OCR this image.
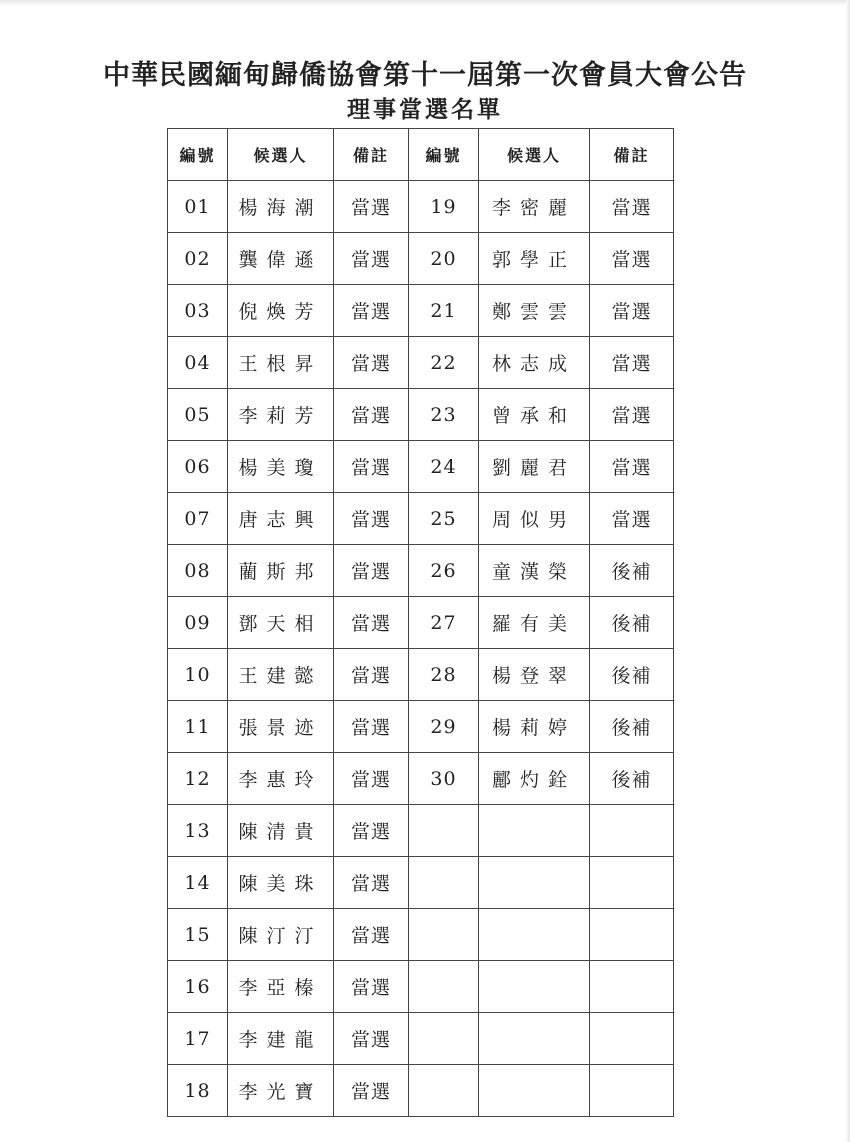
中華民國緬甸歸僑協會第十一屆第一次會員大會公告
理事當選名單
編號	候選人	備註	編號	候選人	備註
01	楊海潮	當選	19	李密麗	當選
02	龔偉遜	當選	20	郭學正	當選
03	倪煥芳	當選	21	鄭雲雲	當選
04	王根昇	當選	22	林志成	當選
05	李莉芳	當選	23	曾承和	當選
06	楊美瓊	當選	24	劉麗君	當選
07	唐志興	當選	25	周似男	當選
08	藺斯邦	當選	26	童漢榮	後補
09	鄧天相	當選	27	羅有美	後補
10	王建懿	當選	28	楊登翠	後補
11	張景迹	當選	29	楊莉婷	後補
12	李惠玲	當選	30	酈灼銓	後補
13	陳清貴	當選			
14	陳美珠	當選			
15	陳汀汀	當選			
16	李亞榛	當選			
17	李建龍	當選			
18	李光寶	當選			
